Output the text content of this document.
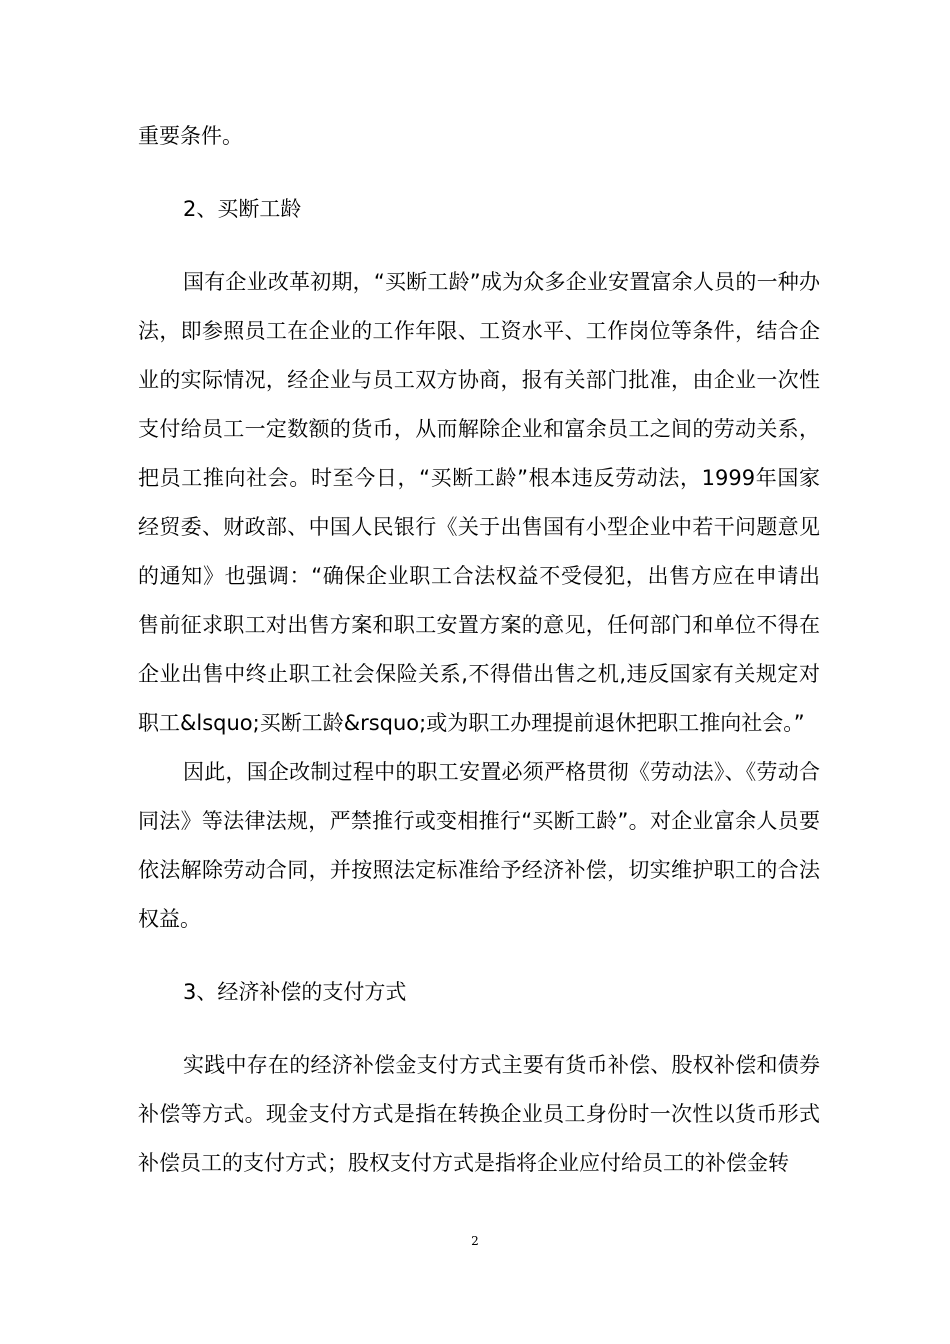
重要条件。

2、买断工龄

国有企业改革初期，“买断工龄”成为众多企业安置富余人员的一种办法，即参照员工在企业的工作年限、工资水平、工作岗位等条件，结合企业的实际情况，经企业与员工双方协商，报有关部门批准，由企业一次性支付给员工一定数额的货币，从而解除企业和富余员工之间的劳动关系，把员工推向社会。时至今日，“买断工龄”根本违反劳动法，1999年国家经贸委、财政部、中国人民银行《关于出售国有小型企业中若干问题意见的通知》也强调：“确保企业职工合法权益不受侵犯，出售方应在申请出售前征求职工对出售方案和职工安置方案的意见，任何部门和单位不得在企业出售中终止职工社会保险关系,不得借出售之机,违反国家有关规定对职工&lsquo;买断工龄&rsquo;或为职工办理提前退休把职工推向社会。”

因此，国企改制过程中的职工安置必须严格贯彻《劳动法》、《劳动合同法》等法律法规，严禁推行或变相推行“买断工龄”。对企业富余人员要依法解除劳动合同，并按照法定标准给予经济补偿，切实维护职工的合法权益。

3、经济补偿的支付方式

实践中存在的经济补偿金支付方式主要有货币补偿、股权补偿和债券补偿等方式。现金支付方式是指在转换企业员工身份时一次性以货币形式补偿员工的支付方式；股权支付方式是指将企业应付给员工的补偿金转

2
